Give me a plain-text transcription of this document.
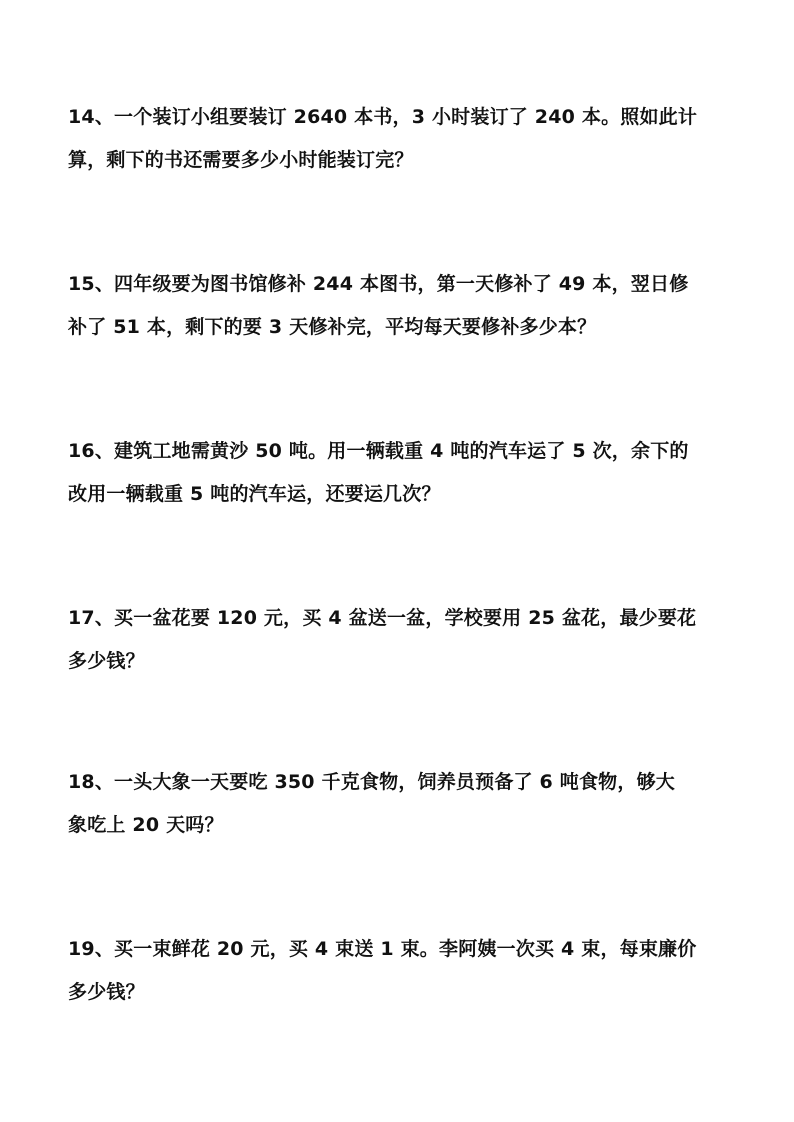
14、一个装订小组要装订 2640 本书，3 小时装订了 240 本。照如此计
算，剩下的书还需要多少小时能装订完？
15、四年级要为图书馆修补 244 本图书，第一天修补了 49 本，翌日修
补了 51 本，剩下的要 3 天修补完，平均每天要修补多少本？
16、建筑工地需黄沙 50 吨。用一辆载重 4 吨的汽车运了 5 次，余下的
改用一辆载重 5 吨的汽车运，还要运几次？
17、买一盆花要 120 元，买 4 盆送一盆，学校要用 25 盆花，最少要花
多少钱？
18、一头大象一天要吃 350 千克食物，饲养员预备了 6 吨食物，够大
象吃上 20 天吗？
19、买一束鲜花 20 元，买 4 束送 1 束。李阿姨一次买 4 束，每束廉价
多少钱？
